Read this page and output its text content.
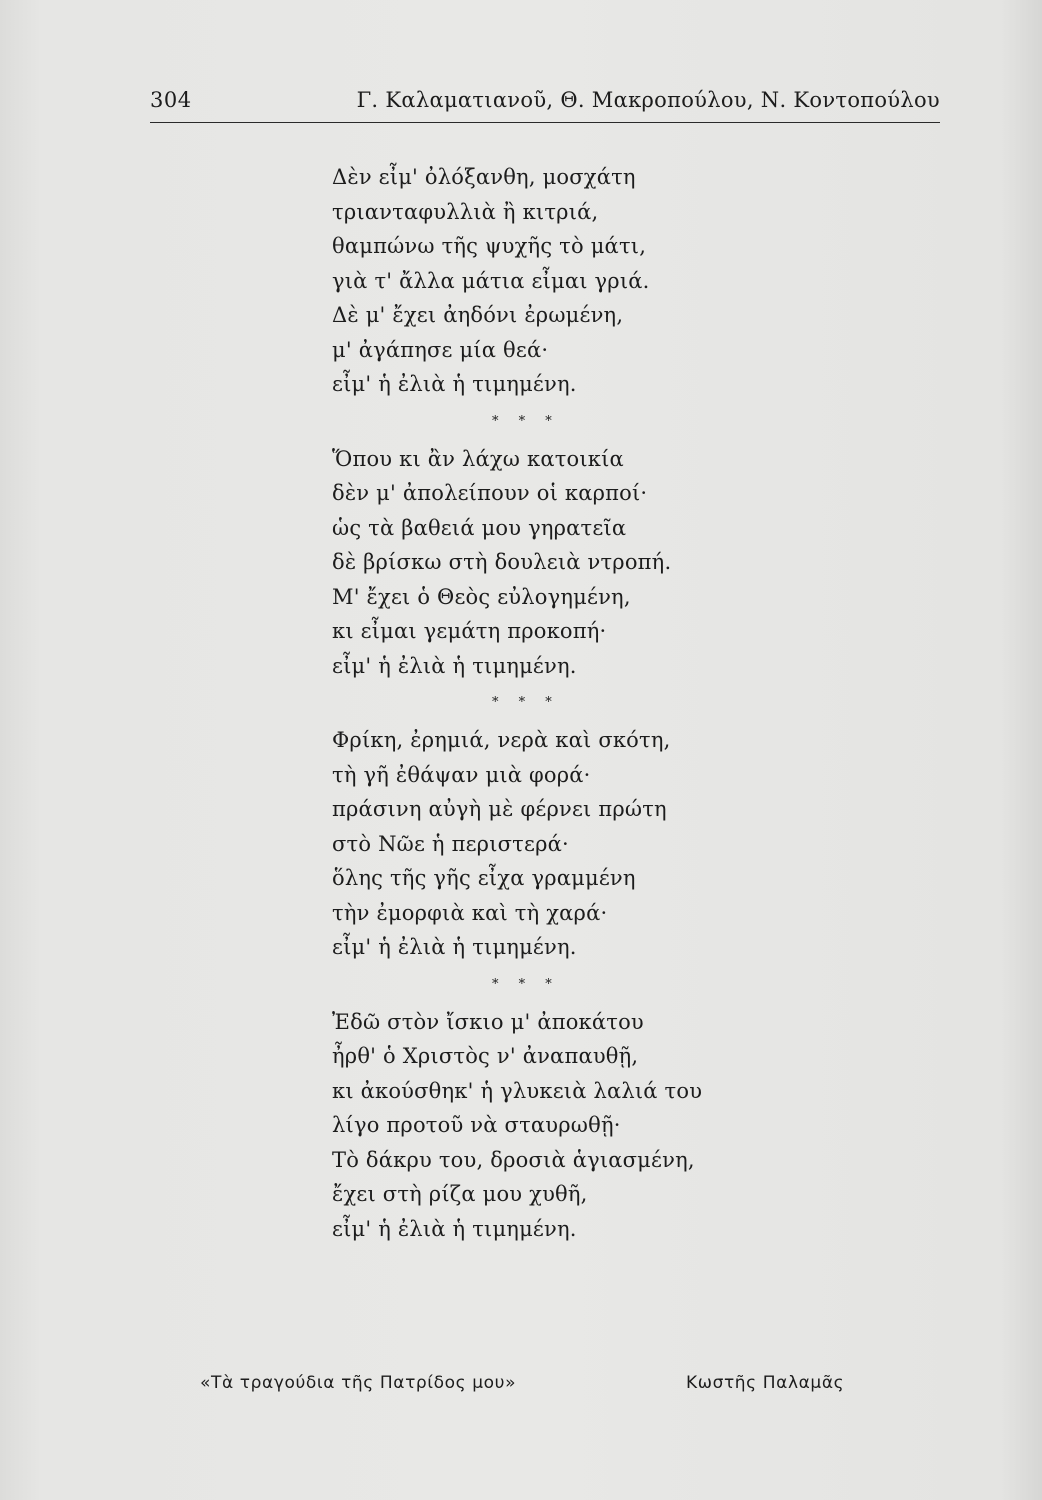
304	Γ. Καλαματιανοῦ, Θ. Μακροπούλου, Ν. Κοντοπούλου
Δὲν εἶμ' ὀλόξανθη, μοσχάτη
τριανταφυλλιὰ ἢ κιτριά,
θαμπώνω τῆς ψυχῆς τὸ μάτι,
γιὰ τ' ἄλλα μάτια εἶμαι γριά.
Δὲ μ' ἔχει ἀηδόνι ἐρωμένη,
μ' ἀγάπησε μία θεά·
εἶμ' ἡ ἐλιὰ ἡ τιμημένη.
* * *
Ὅπου κι ἂν λάχω κατοικία
δὲν μ' ἀπολείπουν οἱ καρποί·
ὡς τὰ βαθειά μου γηρατεῖα
δὲ βρίσκω στὴ δουλειὰ ντροπή.
Μ' ἔχει ὁ Θεὸς εὐλογημένη,
κι εἶμαι γεμάτη προκοπή·
εἶμ' ἡ ἐλιὰ ἡ τιμημένη.
* * *
Φρίκη, ἐρημιά, νερὰ καὶ σκότη,
τὴ γῆ ἐθάψαν μιὰ φορά·
πράσινη αὐγὴ μὲ φέρνει πρώτη
στὸ Νῶε ἡ περιστερά·
ὅλης τῆς γῆς εἶχα γραμμένη
τὴν ἐμορφιὰ καὶ τὴ χαρά·
εἶμ' ἡ ἐλιὰ ἡ τιμημένη.
* * *
Ἐδῶ στὸν ἴσκιο μ' ἀποκάτου
ἦρθ' ὁ Χριστὸς ν' ἀναπαυθῇ,
κι ἀκούσθηκ' ἡ γλυκειὰ λαλιά του
λίγο προτοῦ νὰ σταυρωθῇ·
Τὸ δάκρυ του, δροσιὰ ἁγιασμένη,
ἔχει στὴ ρίζα μου χυθῆ,
εἶμ' ἡ ἐλιὰ ἡ τιμημένη.
«Τὰ τραγούδια τῆς Πατρίδος μου»	Κωστῆς Παλαμᾶς
